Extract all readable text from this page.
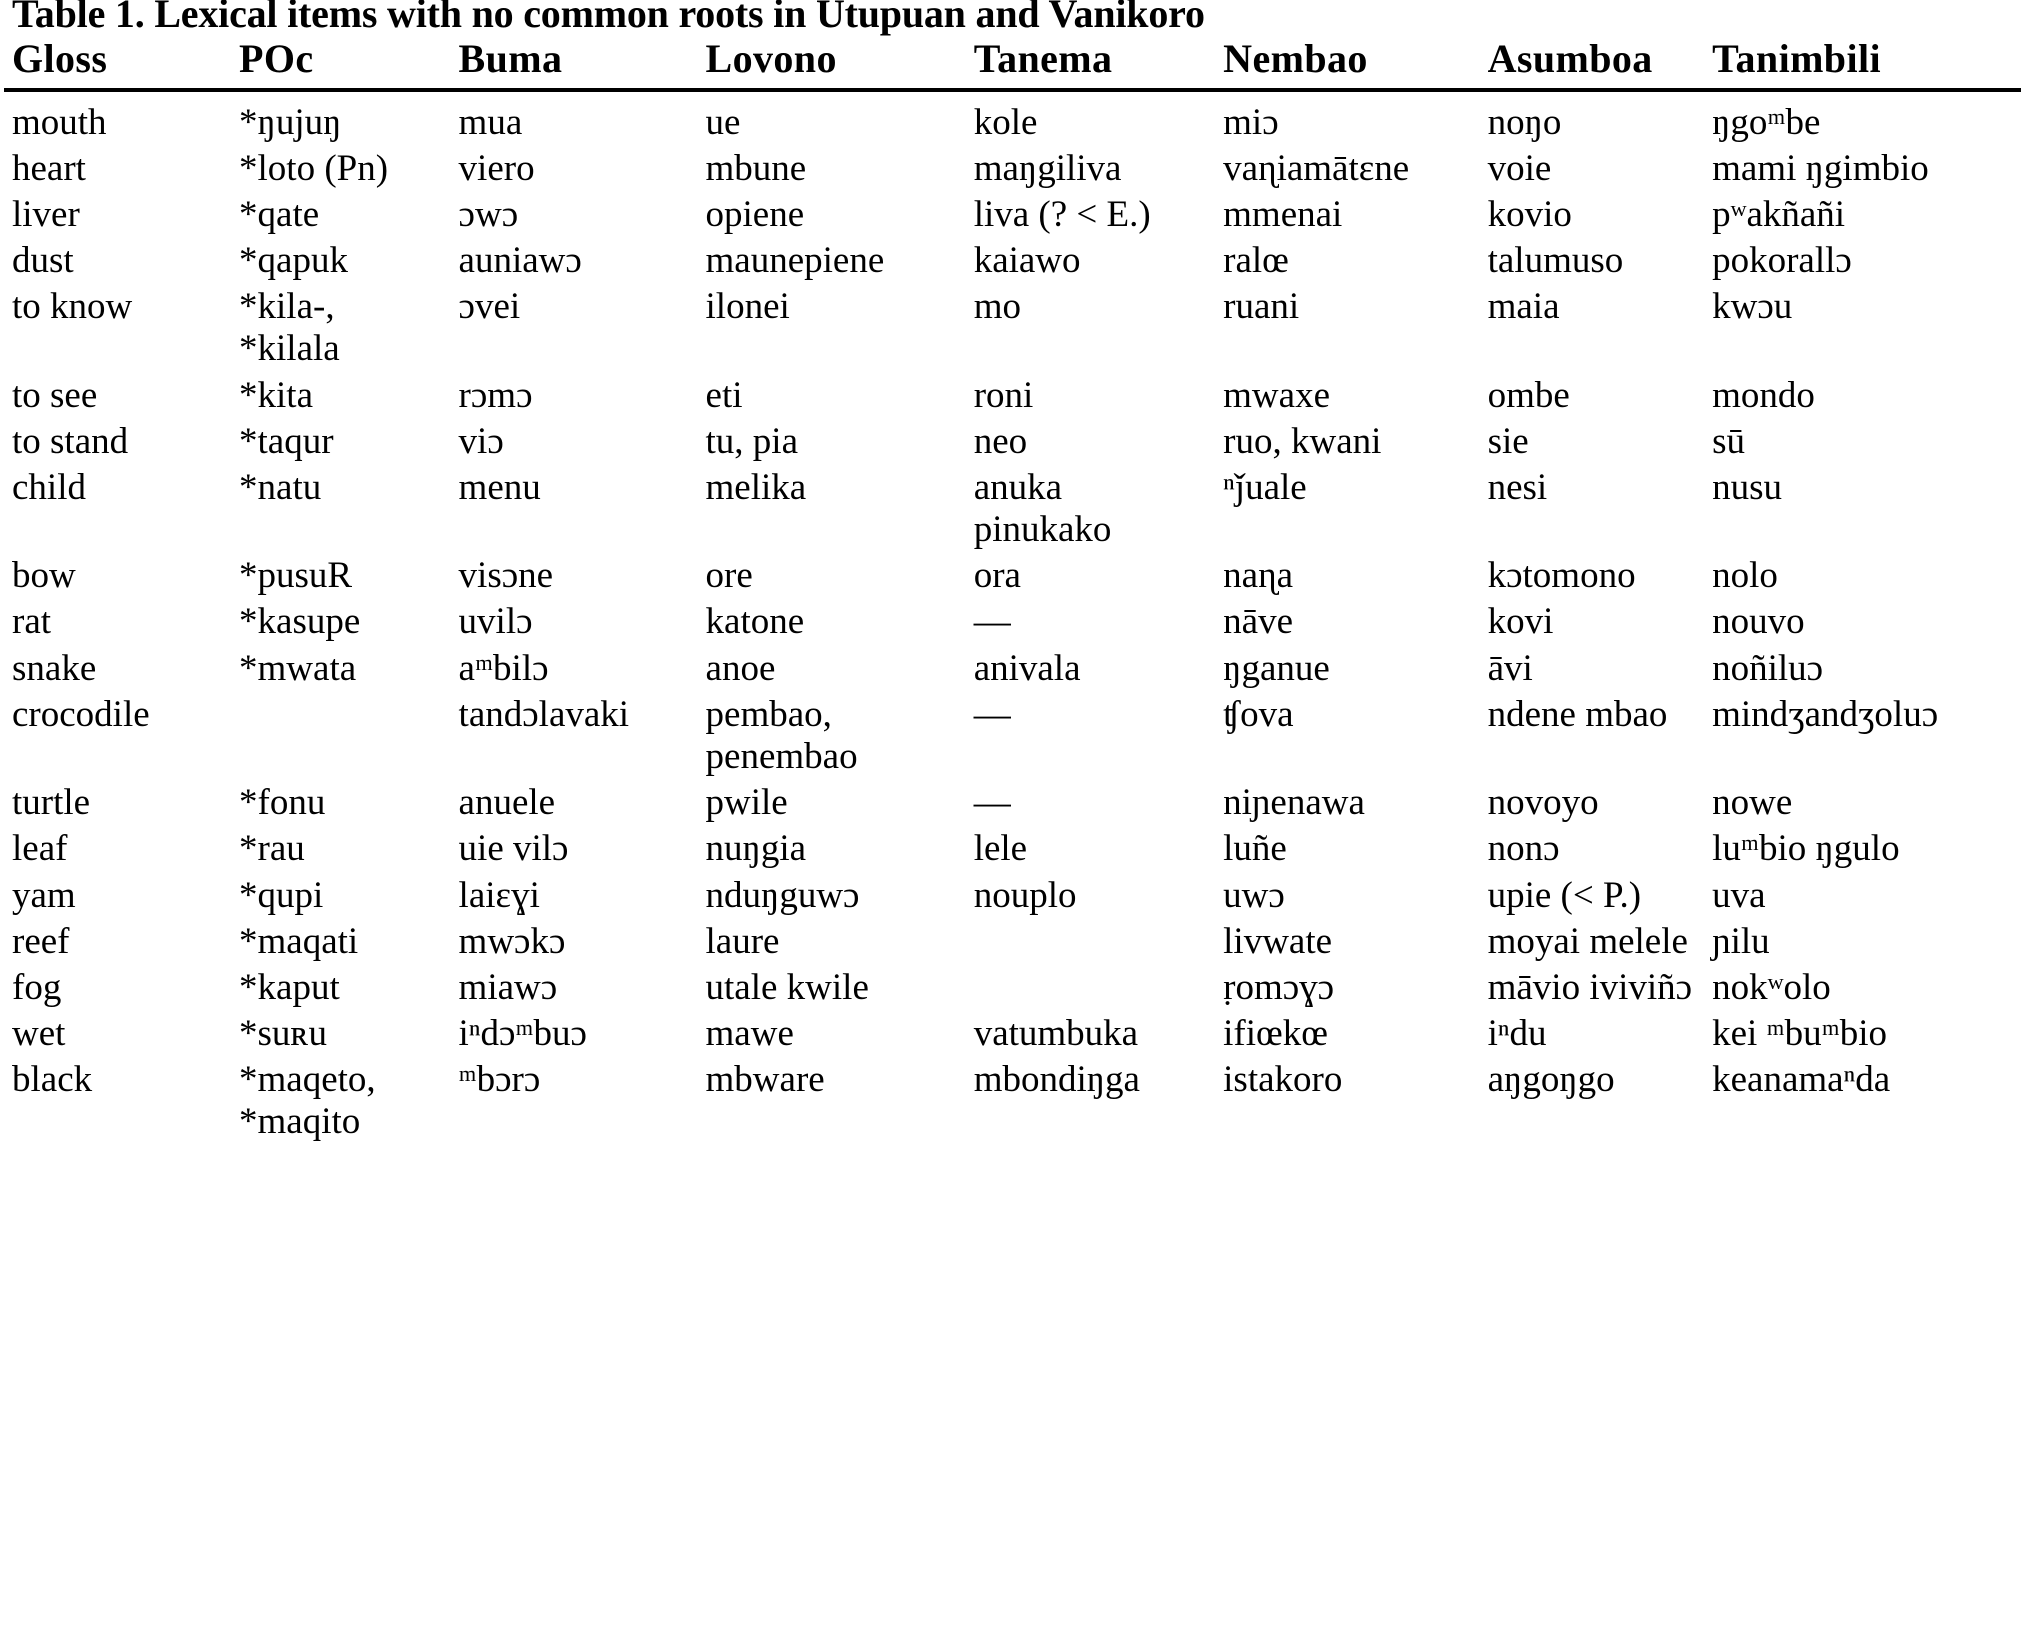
Table 1. Lexical items with no common roots in Utupuan and Vanikoro
Gloss	POc	Buma	Lovono	Tanema	Nembao	Asumboa	Tanimbili
mouth	*ŋujuŋ	mua	ue	kole	miɔ	noŋo	ŋgoᵐbe
heart	*loto (Pn)	viero	mbune	maŋgiliva	vaɳiamātɛne	voie	mami ŋgimbio
liver	*qate	ɔwɔ	opiene	liva (? < E.)	mmenai	kovio	pʷakñañi
dust	*qapuk	auniawɔ	maunepiene	kaiawo	ralœ	talumuso	pokorallɔ
to know	*kila-, *kilala	ɔvei	ilonei	mo	ruani	maia	kwɔu
to see	*kita	rɔmɔ	eti	roni	mwaxe	ombe	mondo
to stand	*taqur	viɔ	tu, pia	neo	ruo, kwani	sie	sū
child	*natu	menu	melika	anuka pinukako	ⁿǰuale	nesi	nusu
bow	*pusuR	visɔne	ore	ora	naɳa	kɔtomono	nolo
rat	*kasupe	uvilɔ	katone	—	nāve	kovi	nouvo
snake	*mwata	aᵐbilɔ	anoe	anivala	ŋganue	āvi	noñiluɔ
crocodile		tandɔlavaki	pembao, penembao	—	ʧova	ndene mbao	mindʒandʒoluɔ
turtle	*fonu	anuele	pwile	—	niɲenawa	novoyo	nowe
leaf	*rau	uie vilɔ	nuŋgia	lele	luñe	nonɔ	luᵐbio ŋgulo
yam	*qupi	laiɛɣi	nduŋguwɔ	nouplo	uwɔ	upie (< P.)	uva
reef	*maqati	mwɔkɔ	laure		livwate	moyai melele	ɲilu
fog	*kaput	miawɔ	utale kwile		ṛomɔɣɔ	māvio iviviñɔ	nokʷolo
wet	*suʀu	iⁿdɔᵐbuɔ	mawe	vatumbuka	ifiœkœ	iⁿdu	kei ᵐbuᵐbio
black	*maqeto, *maqito	ᵐbɔrɔ	mbware	mbondiŋga	istakoro	aŋgoŋgo	keanamaⁿda
